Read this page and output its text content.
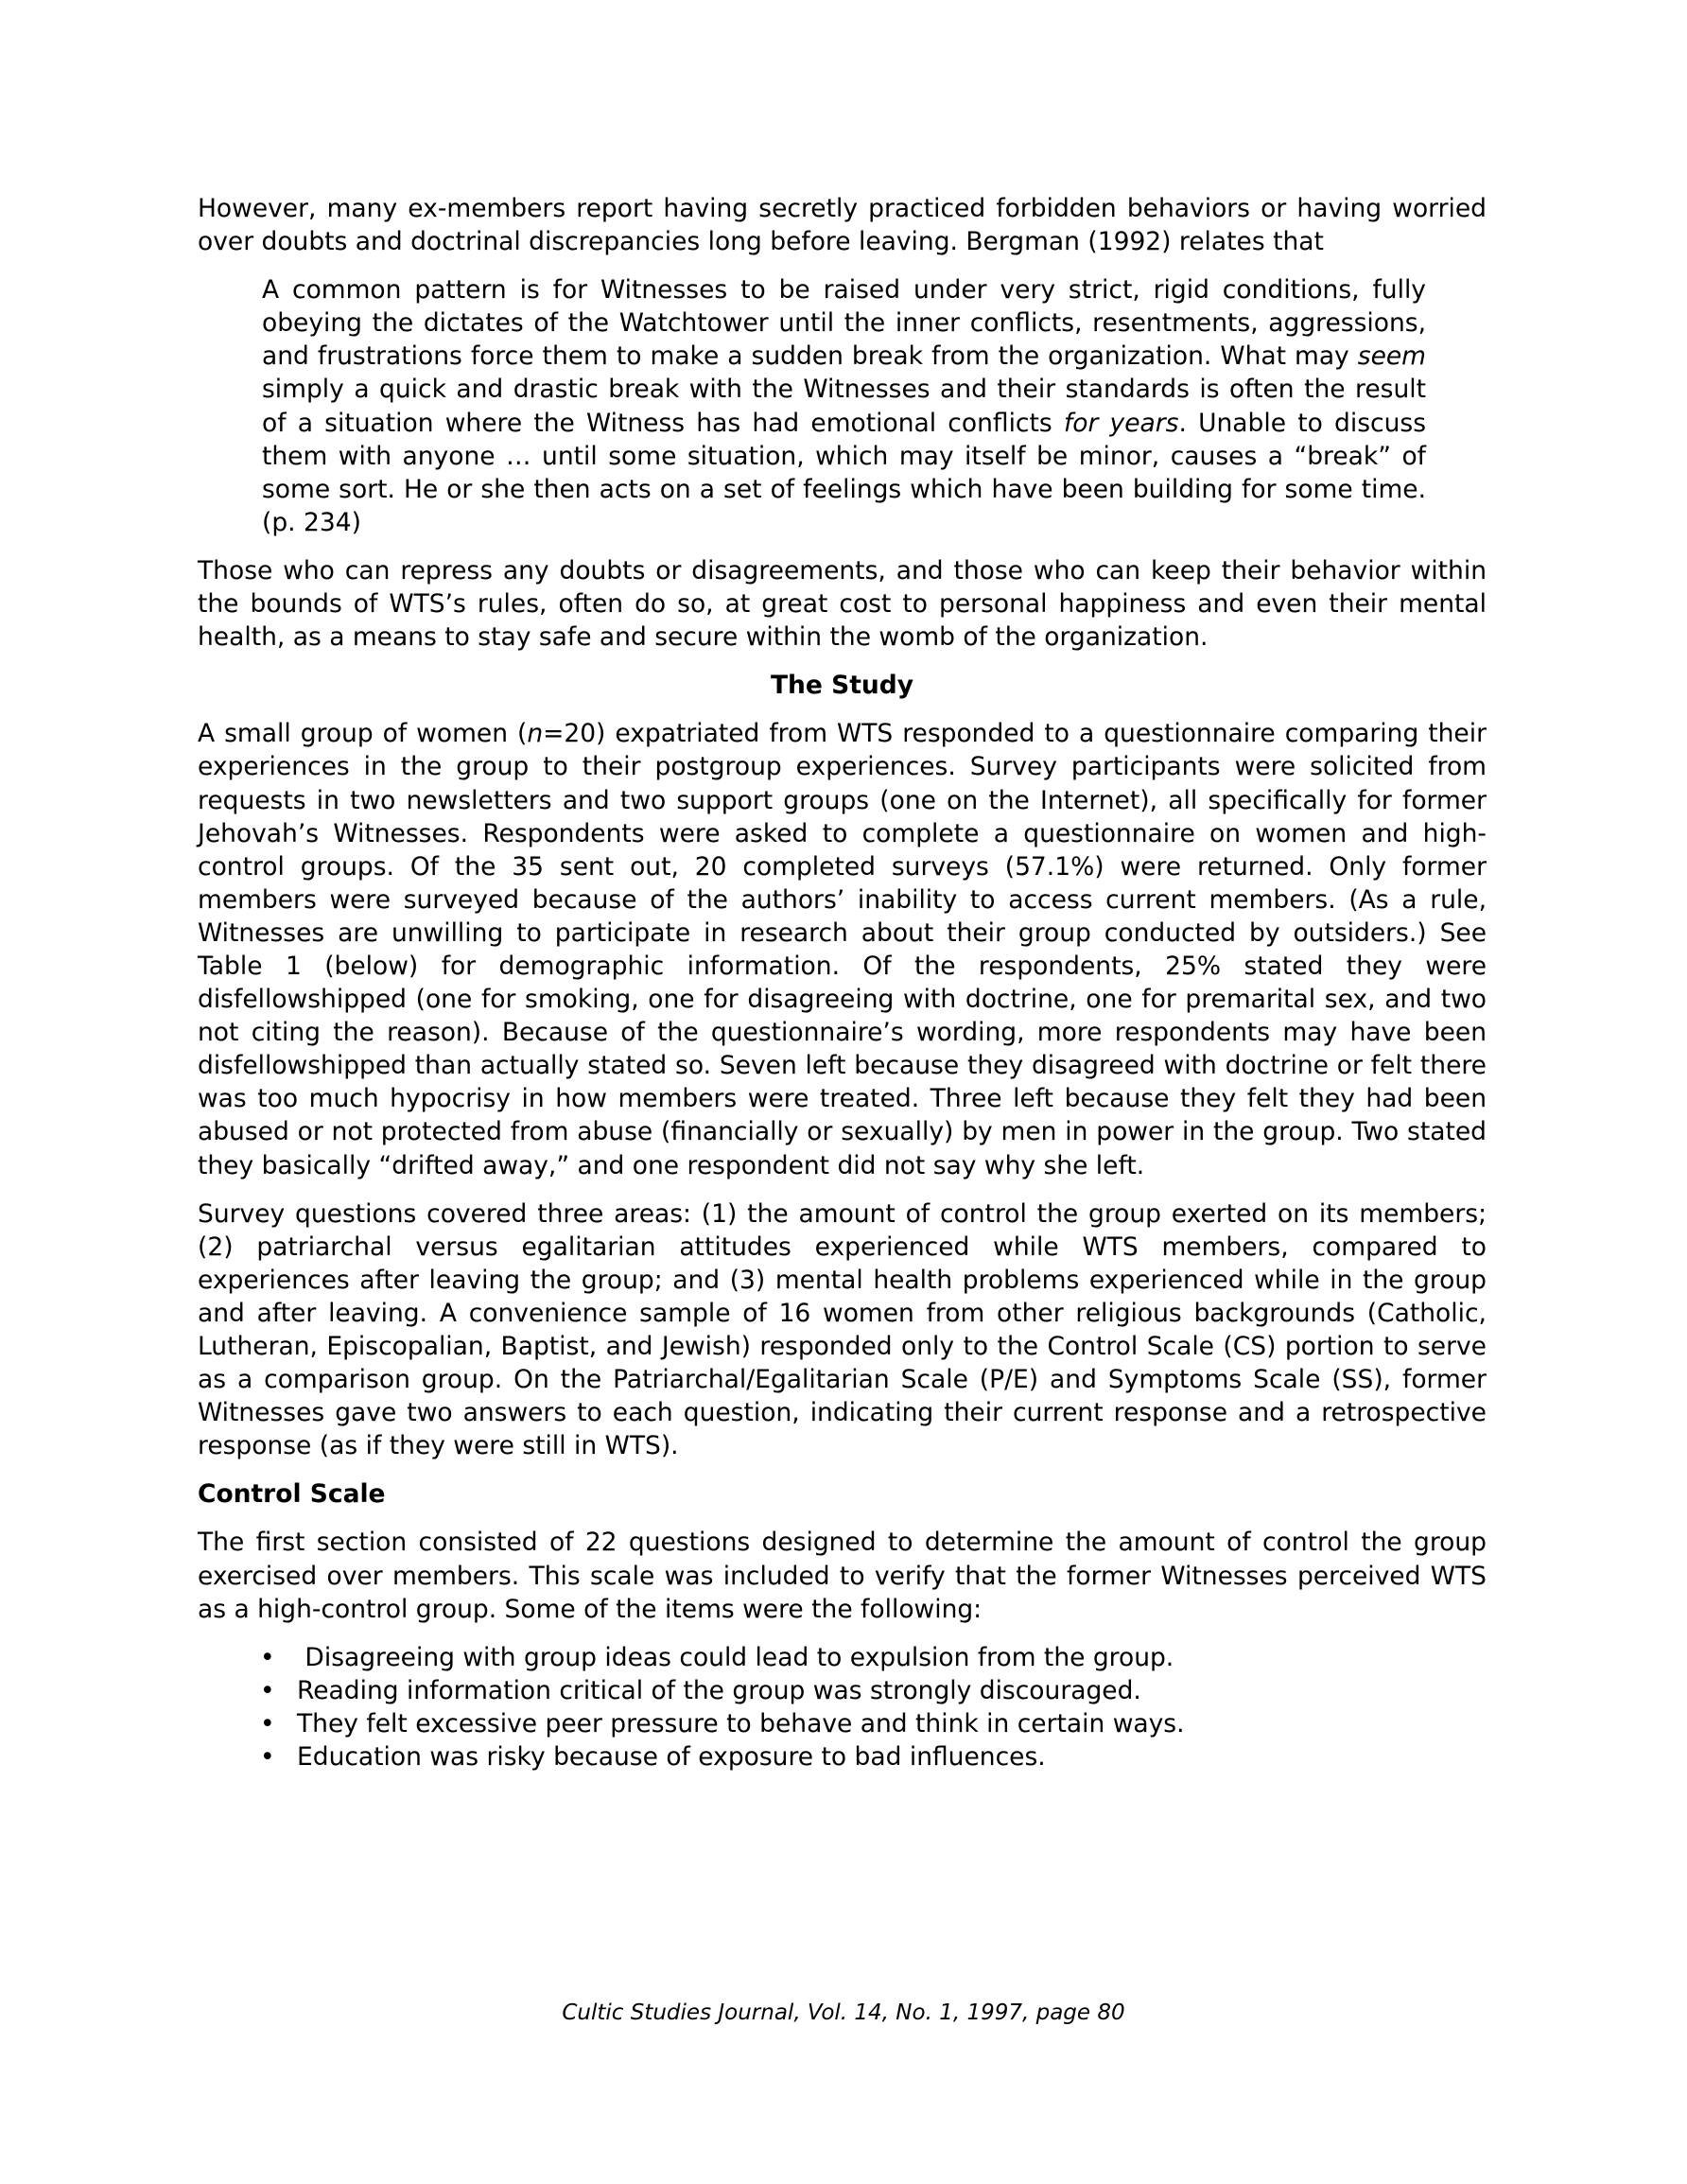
However, many ex-members report having secretly practiced forbidden behaviors or having worried over doubts and doctrinal discrepancies long before leaving. Bergman (1992) relates that

A common pattern is for Witnesses to be raised under very strict, rigid conditions, fully obeying the dictates of the Watchtower until the inner conflicts, resentments, aggressions, and frustrations force them to make a sudden break from the organization. What may seem simply a quick and drastic break with the Witnesses and their standards is often the result of a situation where the Witness has had emotional conflicts for years. Unable to discuss them with anyone … until some situation, which may itself be minor, causes a “break” of some sort. He or she then acts on a set of feelings which have been building for some time. (p. 234)

Those who can repress any doubts or disagreements, and those who can keep their behavior within the bounds of WTS’s rules, often do so, at great cost to personal happiness and even their mental health, as a means to stay safe and secure within the womb of the organization.

The Study

A small group of women (n=20) expatriated from WTS responded to a questionnaire comparing their experiences in the group to their postgroup experiences. Survey participants were solicited from requests in two newsletters and two support groups (one on the Internet), all specifically for former Jehovah’s Witnesses. Respondents were asked to complete a questionnaire on women and high-control groups. Of the 35 sent out, 20 completed surveys (57.1%) were returned. Only former members were surveyed because of the authors’ inability to access current members. (As a rule, Witnesses are unwilling to participate in research about their group conducted by outsiders.) See Table 1 (below) for demographic information. Of the respondents, 25% stated they were disfellowshipped (one for smoking, one for disagreeing with doctrine, one for premarital sex, and two not citing the reason). Because of the questionnaire’s wording, more respondents may have been disfellowshipped than actually stated so. Seven left because they disagreed with doctrine or felt there was too much hypocrisy in how members were treated. Three left because they felt they had been abused or not protected from abuse (financially or sexually) by men in power in the group. Two stated they basically “drifted away,” and one respondent did not say why she left.

Survey questions covered three areas: (1) the amount of control the group exerted on its members; (2) patriarchal versus egalitarian attitudes experienced while WTS members, compared to experiences after leaving the group; and (3) mental health problems experienced while in the group and after leaving. A convenience sample of 16 women from other religious backgrounds (Catholic, Lutheran, Episcopalian, Baptist, and Jewish) responded only to the Control Scale (CS) portion to serve as a comparison group. On the Patriarchal/Egalitarian Scale (P/E) and Symptoms Scale (SS), former Witnesses gave two answers to each question, indicating their current response and a retrospective response (as if they were still in WTS).

Control Scale

The first section consisted of 22 questions designed to determine the amount of control the group exercised over members. This scale was included to verify that the former Witnesses perceived WTS as a high-control group. Some of the items were the following:

• Disagreeing with group ideas could lead to expulsion from the group.
• Reading information critical of the group was strongly discouraged.
• They felt excessive peer pressure to behave and think in certain ways.
• Education was risky because of exposure to bad influences.
Cultic Studies Journal, Vol. 14, No. 1, 1997, page 80
